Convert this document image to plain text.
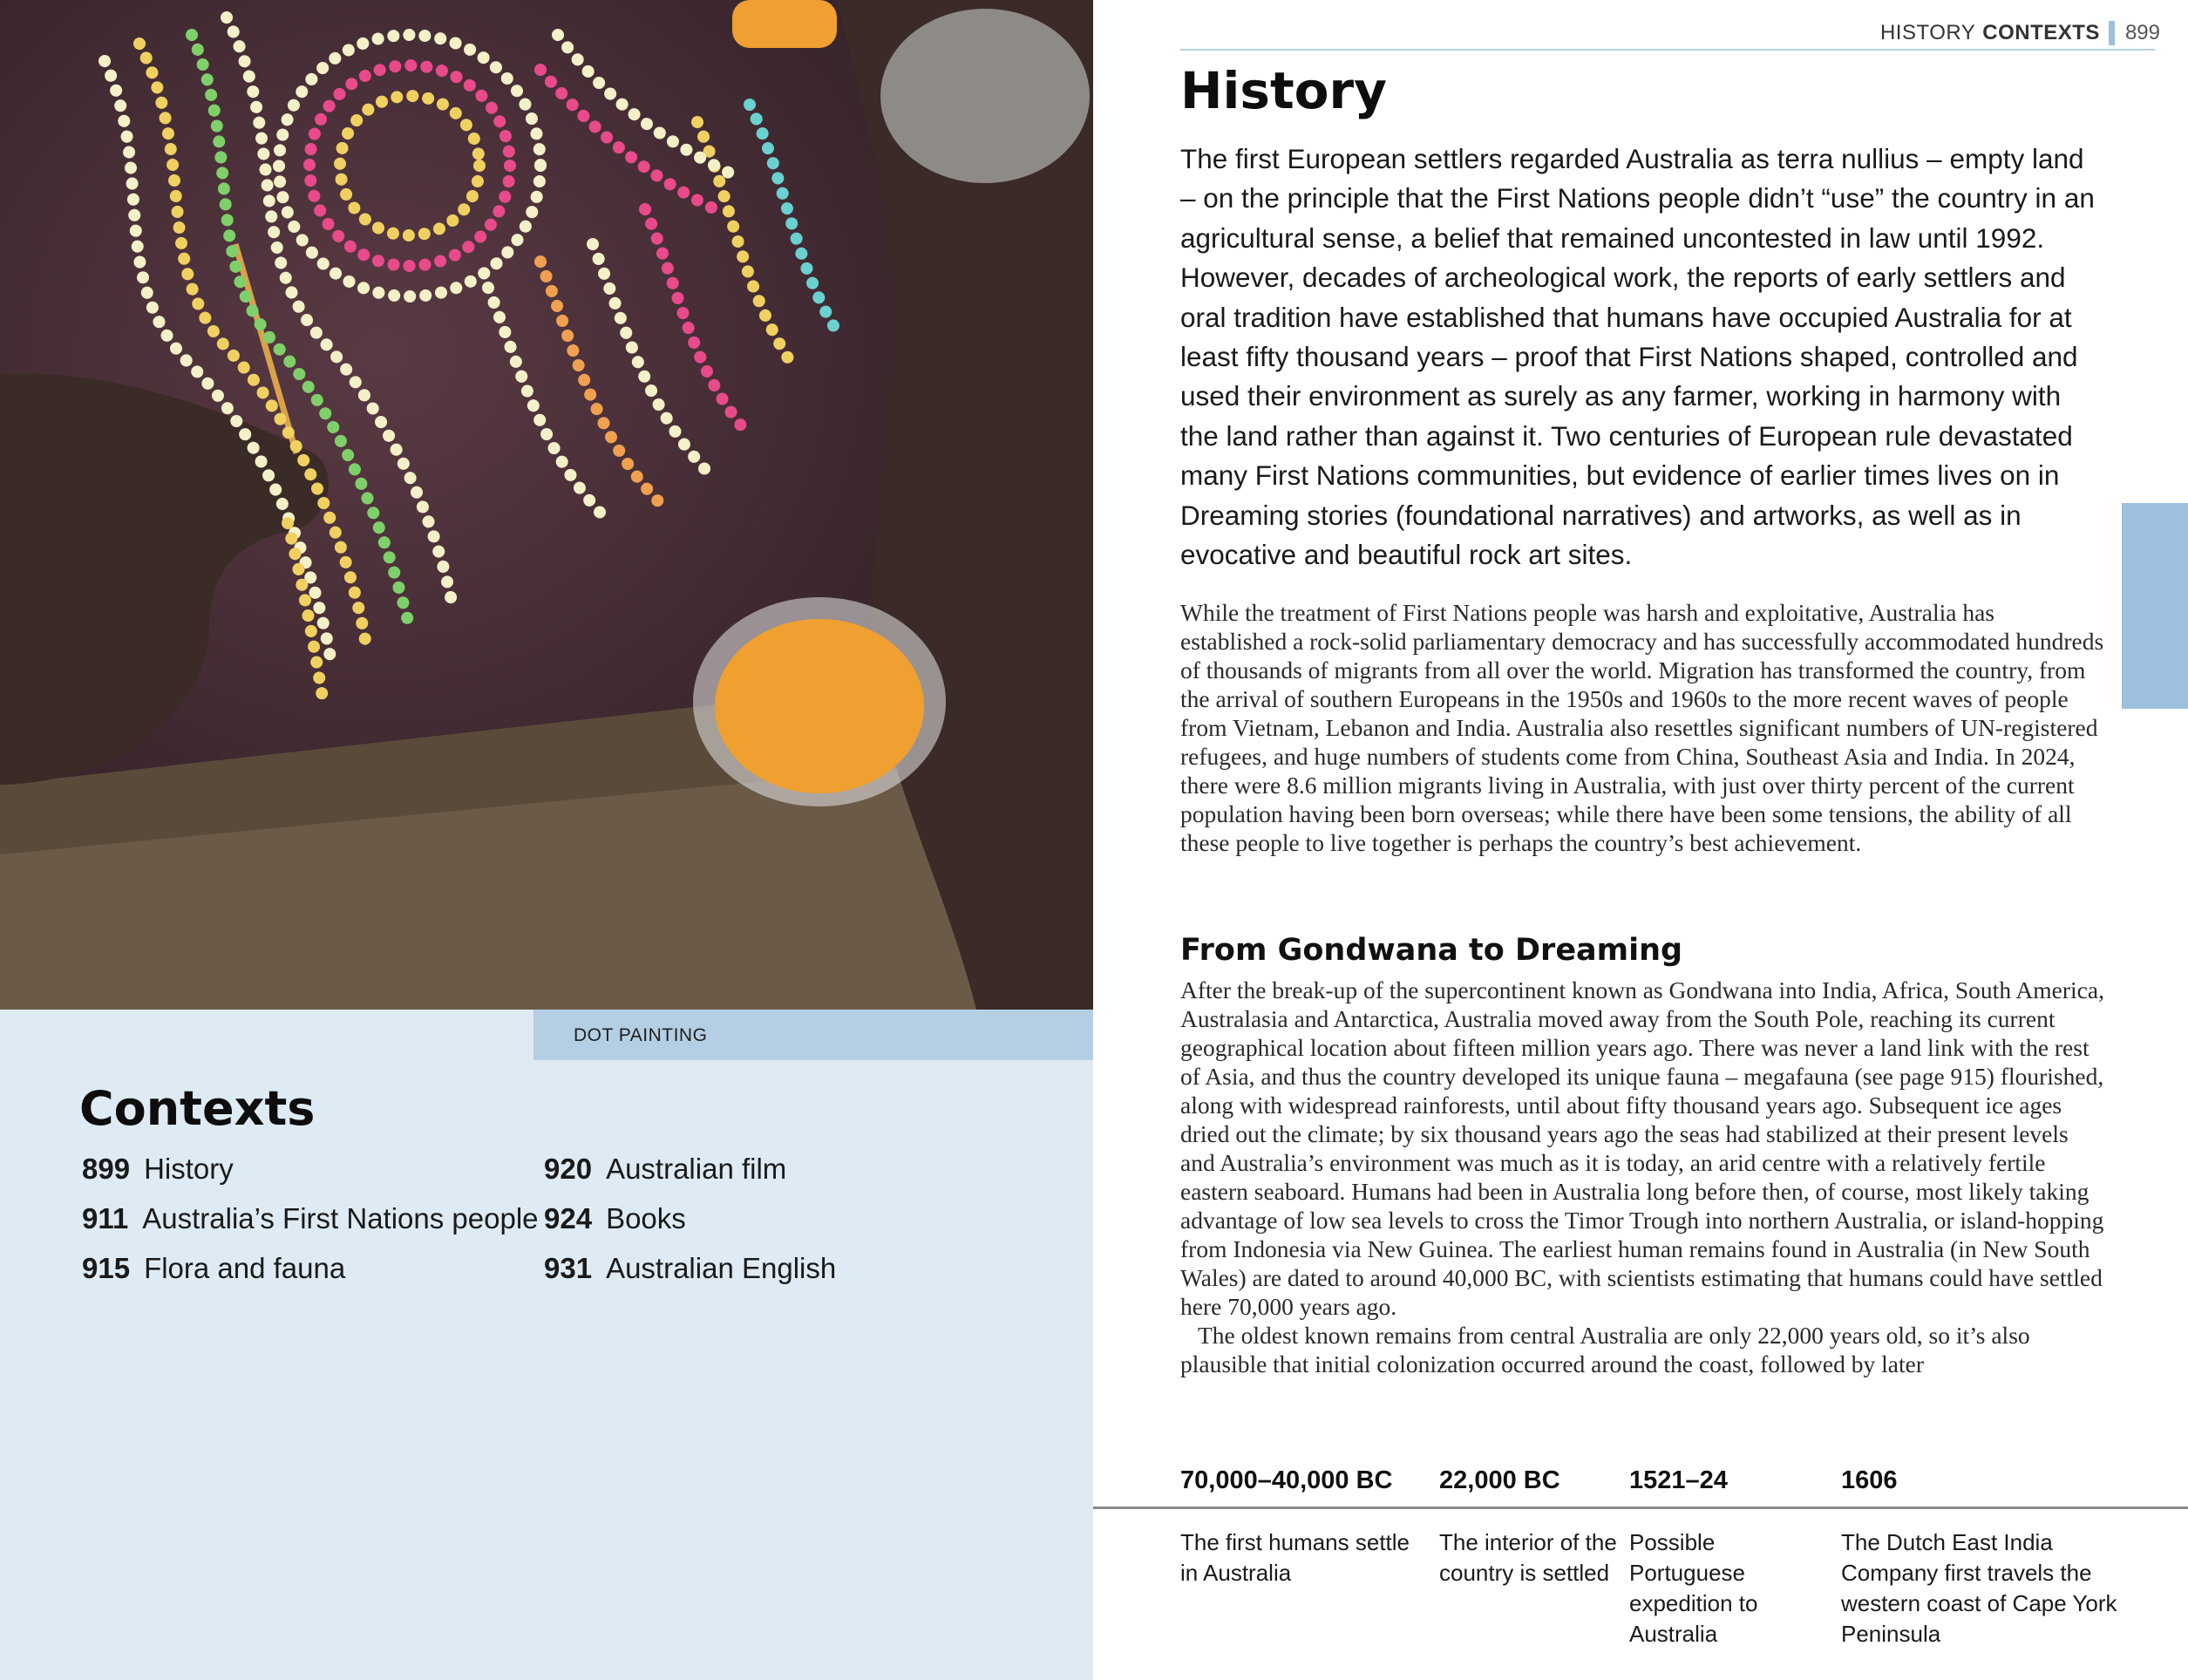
DOT PAINTING
Contexts
899 History
911 Australia’s First Nations people
915 Flora and fauna
920 Australian film
924 Books
931 Australian English
HISTORY CONTEXTS 899
History

The first European settlers regarded Australia as terra nullius – empty land – on the principle that the First Nations people didn’t “use” the country in an agricultural sense, a belief that remained uncontested in law until 1992. However, decades of archeological work, the reports of early settlers and oral tradition have established that humans have occupied Australia for at least fifty thousand years – proof that First Nations shaped, controlled and used their environment as surely as any farmer, working in harmony with the land rather than against it. Two centuries of European rule devastated many First Nations communities, but evidence of earlier times lives on in Dreaming stories (foundational narratives) and artworks, as well as in evocative and beautiful rock art sites.

While the treatment of First Nations people was harsh and exploitative, Australia has established a rock-solid parliamentary democracy and has successfully accommodated hundreds of thousands of migrants from all over the world. Migration has transformed the country, from the arrival of southern Europeans in the 1950s and 1960s to the more recent waves of people from Vietnam, Lebanon and India. Australia also resettles significant numbers of UN-registered refugees, and huge numbers of students come from China, Southeast Asia and India. In 2024, there were 8.6 million migrants living in Australia, with just over thirty percent of the current population having been born overseas; while there have been some tensions, the ability of all these people to live together is perhaps the country’s best achievement.

From Gondwana to Dreaming
After the break-up of the supercontinent known as Gondwana into India, Africa, South America, Australasia and Antarctica, Australia moved away from the South Pole, reaching its current geographical location about fifteen million years ago. There was never a land link with the rest of Asia, and thus the country developed its unique fauna – megafauna (see page 915) flourished, along with widespread rainforests, until about fifty thousand years ago. Subsequent ice ages dried out the climate; by six thousand years ago the seas had stabilized at their present levels and Australia’s environment was much as it is today, an arid centre with a relatively fertile eastern seaboard. Humans had been in Australia long before then, of course, most likely taking advantage of low sea levels to cross the Timor Trough into northern Australia, or island-hopping from Indonesia via New Guinea. The earliest human remains found in Australia (in New South Wales) are dated to around 40,000 BC, with scientists estimating that humans could have settled here 70,000 years ago.
The oldest known remains from central Australia are only 22,000 years old, so it’s also plausible that initial colonization occurred around the coast, followed by later
70,000–40,000 BC
The first humans settle in Australia
22,000 BC
The interior of the country is settled
1521–24
Possible Portuguese expedition to Australia
1606
The Dutch East India Company first travels the western coast of Cape York Peninsula
